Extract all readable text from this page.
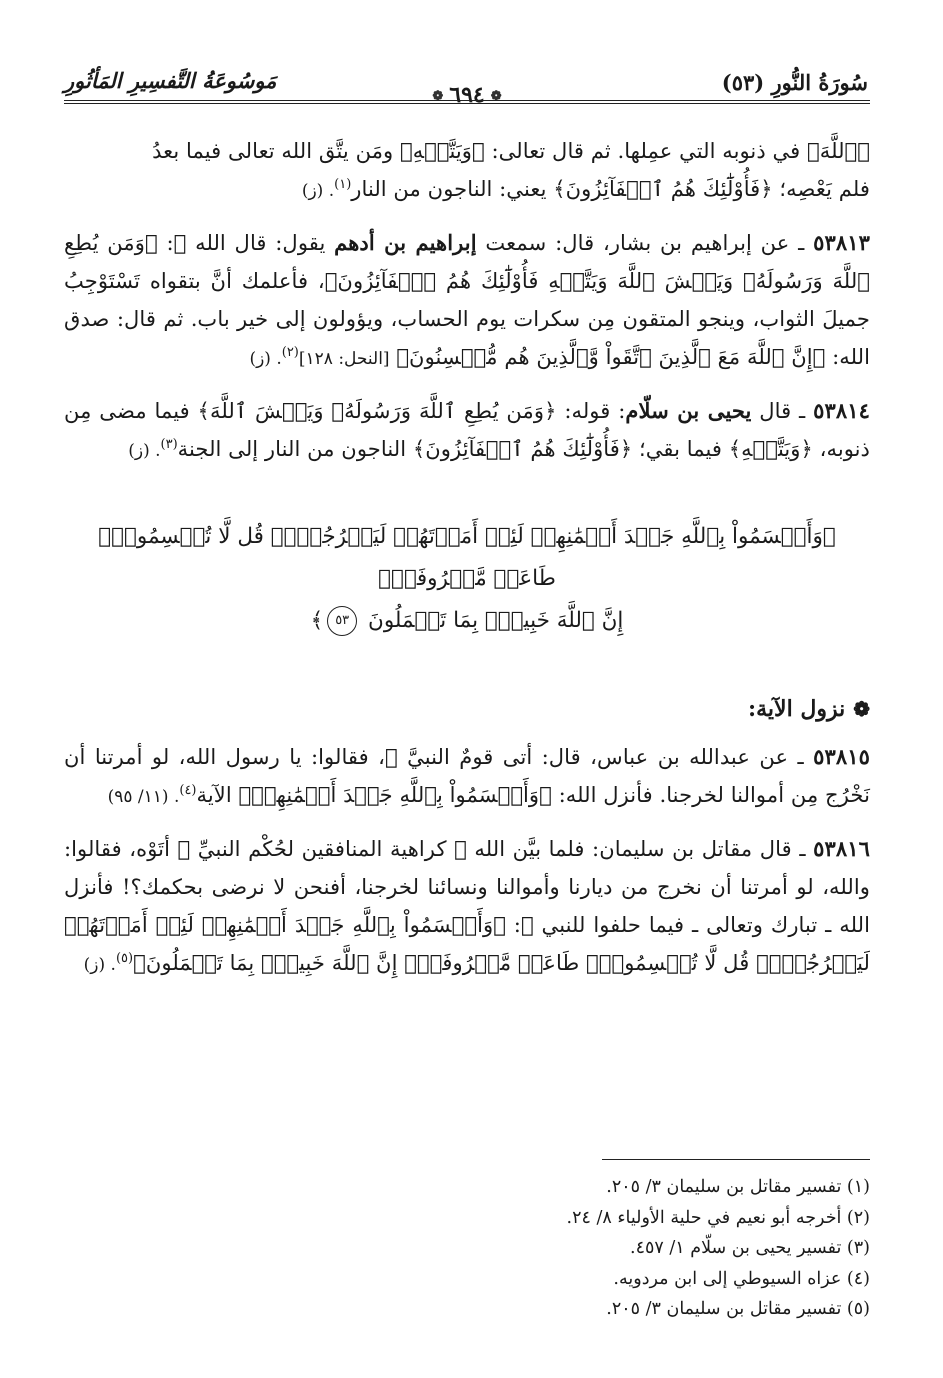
سُورَةُ النُّورِ (٥٣)
❁٦٩٤❁
مَوسُوعَةُ التَّفسِيرِ المَأثُورِ

﴿ٱللَّهَ﴾ في ذنوبه التي عمِلها. ثم قال تعالى: ﴿وَيَتَّقۡهِ﴾ ومَن يتَّق الله تعالى فيما بعدُ
فلم يَعْصِه؛ ﴿فَأُوْلَٰٓئِكَ هُمُ ٱلۡفَآئِزُونَ﴾ يعني: الناجون من النار$^{(١)}$. (ز)

٥٣٨١٣ ـ عن إبراهيم بن بشار، قال: سمعت إبراهيم بن أدهم يقول: قال الله ﷻ: ﴿وَمَن يُطِعِ ٱللَّهَ وَرَسُولَهُۥ وَيَخۡشَ ٱللَّهَ وَيَتَّقۡهِ فَأُوْلَٰٓئِكَ هُمُ ٱلۡفَآئِزُونَ﴾، فأعلمك أنَّ بتقواه تَسْتَوْجِبُ جميلَ الثواب، وينجو المتقون مِن سكرات يوم الحساب، ويؤولون إلى خير باب. ثم قال: صدق الله: ﴿إِنَّ ٱللَّهَ مَعَ ٱلَّذِينَ ٱتَّقَواْ وَّٱلَّذِينَ هُم مُّحۡسِنُونَ﴾ [النحل: ١٢٨]$^{(٢)}$. (ز)

٥٣٨١٤ ـ قال يحيى بن سلّام: قوله: ﴿وَمَن يُطِعِ ٱللَّهَ وَرَسُولَهُۥ وَيَخۡشَ ٱللَّهَ﴾ فيما مضى مِن ذنوبه، ﴿وَيَتَّقۡهِ﴾ فيما بقي؛ ﴿فَأُوْلَٰٓئِكَ هُمُ ٱلۡفَآئِزُونَ﴾ الناجون من النار إلى الجنة$^{(٣)}$. (ز)

﴿وَأَقۡسَمُواْ بِٱللَّهِ جَهۡدَ أَيۡمَٰنِهِمۡ لَئِنۡ أَمَرۡتَهُمۡ لَيَخۡرُجُنَّۖ قُل لَّا تُقۡسِمُواْۖ طَاعَةٞ مَّعۡرُوفَةٌۚ
إِنَّ ٱللَّهَ خَبِيرُۢ بِمَا تَعۡمَلُونَ ٥٣﴾
❁نزول الآية:

٥٣٨١٥ ـ عن عبدالله بن عباس، قال: أتى قومٌ النبيَّ ﷺ، فقالوا: يا رسول الله، لو أمرتنا أن نَخْرُج مِن أموالنا لخرجنا. فأنزل الله: ﴿وَأَقۡسَمُواْ بِٱللَّهِ جَهۡدَ أَيۡمَٰنِهِمۡ﴾ الآية$^{(٤)}$. (١١/ ٩٥)

٥٣٨١٦ ـ قال مقاتل بن سليمان: فلما بيَّن الله ﷻ كراهية المنافقين لحُكْم النبيِّ ﷺ أتَوْه، فقالوا: والله، لو أمرتنا أن نخرج من ديارنا وأموالنا ونسائنا لخرجنا، أفنحن لا نرضى بحكمك؟! فأنزل الله ـ تبارك وتعالى ـ فيما حلفوا للنبي ﷺ: ﴿وَأَقۡسَمُواْ بِٱللَّهِ جَهۡدَ أَيۡمَٰنِهِمۡ لَئِنۡ أَمَرۡتَهُمۡ لَيَخۡرُجُنَّۖ قُل لَّا تُقۡسِمُواْۖ طَاعَةٞ مَّعۡرُوفَةٌۚ إِنَّ ٱللَّهَ خَبِيرُۢ بِمَا تَعۡمَلُونَ﴾$^{(٥)}$. (ز)

(١) تفسير مقاتل بن سليمان ٣/ ٢٠٥.

(٢) أخرجه أبو نعيم في حلية الأولياء ٨/ ٢٤.

(٣) تفسير يحيى بن سلّام ١/ ٤٥٧.

(٤) عزاه السيوطي إلى ابن مردويه.

(٥) تفسير مقاتل بن سليمان ٣/ ٢٠٥.
